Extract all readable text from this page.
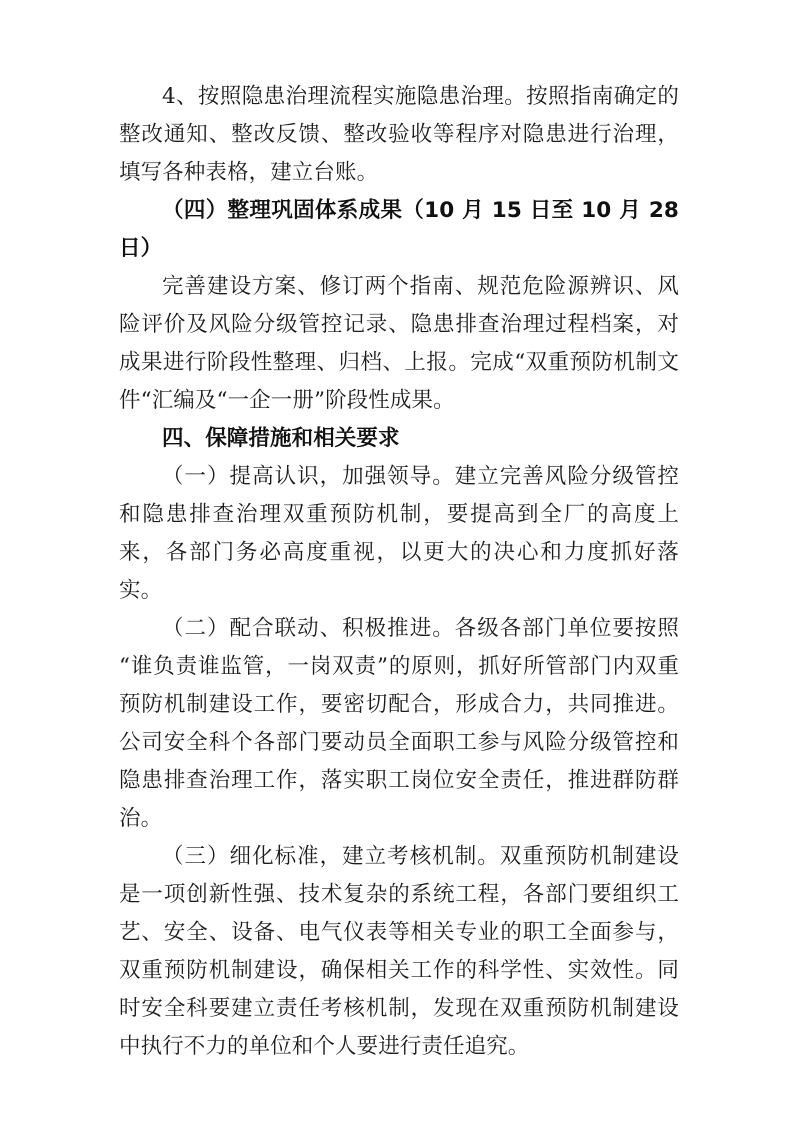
4、按照隐患治理流程实施隐患治理。按照指南确定的整改通知、整改反馈、整改验收等程序对隐患进行治理，填写各种表格，建立台账。

（四）整理巩固体系成果（10 月 15 日至 10 月 28 日）

完善建设方案、修订两个指南、规范危险源辨识、风险评价及风险分级管控记录、隐患排查治理过程档案，对成果进行阶段性整理、归档、上报。完成“双重预防机制文件“汇编及“一企一册”阶段性成果。

四、保障措施和相关要求

（一）提高认识，加强领导。建立完善风险分级管控和隐患排查治理双重预防机制，要提高到全厂的高度上来，各部门务必高度重视，以更大的决心和力度抓好落实。

（二）配合联动、积极推进。各级各部门单位要按照“谁负责谁监管，一岗双责”的原则，抓好所管部门内双重预防机制建设工作，要密切配合，形成合力，共同推进。公司安全科个各部门要动员全面职工参与风险分级管控和隐患排查治理工作，落实职工岗位安全责任，推进群防群治。

（三）细化标准，建立考核机制。双重预防机制建设是一项创新性强、技术复杂的系统工程，各部门要组织工艺、安全、设备、电气仪表等相关专业的职工全面参与，双重预防机制建设，确保相关工作的科学性、实效性。同时安全科要建立责任考核机制，发现在双重预防机制建设中执行不力的单位和个人要进行责任追究。
